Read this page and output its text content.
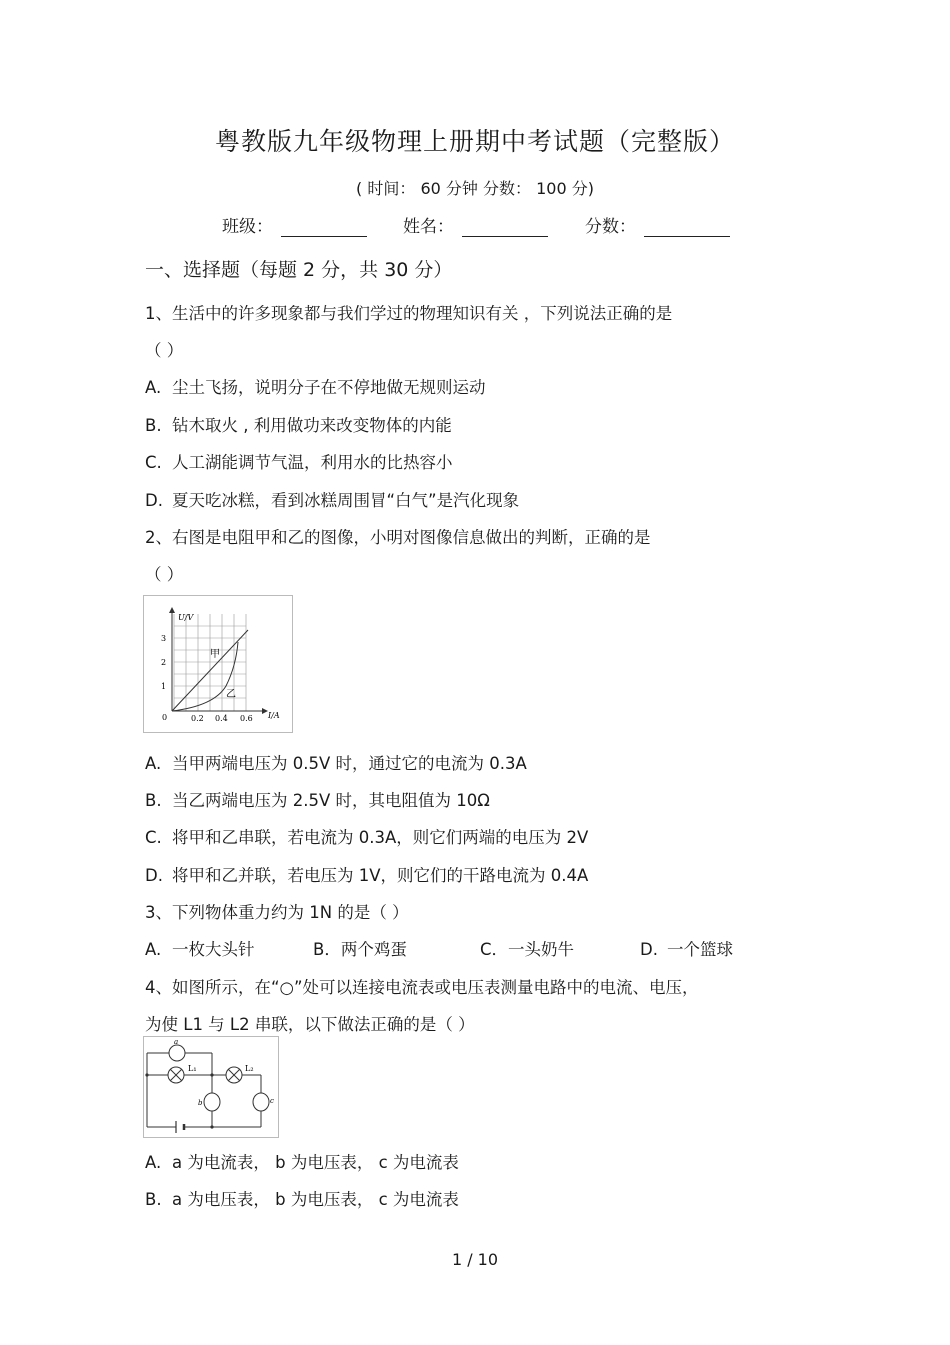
粤教版九年级物理上册期中考试题（完整版）
( 时间： 60 分钟 分数： 100 分)
班级：	姓名：	分数：
一、选择题（每题 2 分，共 30 分）
1、生活中的许多现象都与我们学过的物理知识有关 ，下列说法正确的是
（ ）
A. 尘土飞扬，说明分子在不停地做无规则运动
B. 钻木取火 , 利用做功来改变物体的内能
C. 人工湖能调节气温，利用水的比热容小
D. 夏天吃冰糕，看到冰糕周围冒“白气”是汽化现象
2、右图是电阻甲和乙的图像，小明对图像信息做出的判断，正确的是
（ ）
U/V
I/A
0	0.2 0.4 0.6
1
2
3
甲
乙
A. 当甲两端电压为 0.5V 时，通过它的电流为 0.3A
B. 当乙两端电压为 2.5V 时，其电阻值为 10Ω
C. 将甲和乙串联，若电流为 0.3A，则它们两端的电压为 2V
D. 将甲和乙并联，若电压为 1V，则它们的干路电流为 0.4A
3、下列物体重力约为 1N 的是（ ）
A. 一枚大头针	B．两个鸡蛋	C．一头奶牛	D. 一个篮球
4、如图所示，在“○”处可以连接电流表或电压表测量电路中的电流、电压，
为使 L1 与 L2 串联，以下做法正确的是（ ）
a
b	c
L₁	L₂
A. a 为电流表， b 为电压表， c 为电流表
B. a 为电压表， b 为电压表， c 为电流表
1 / 10
